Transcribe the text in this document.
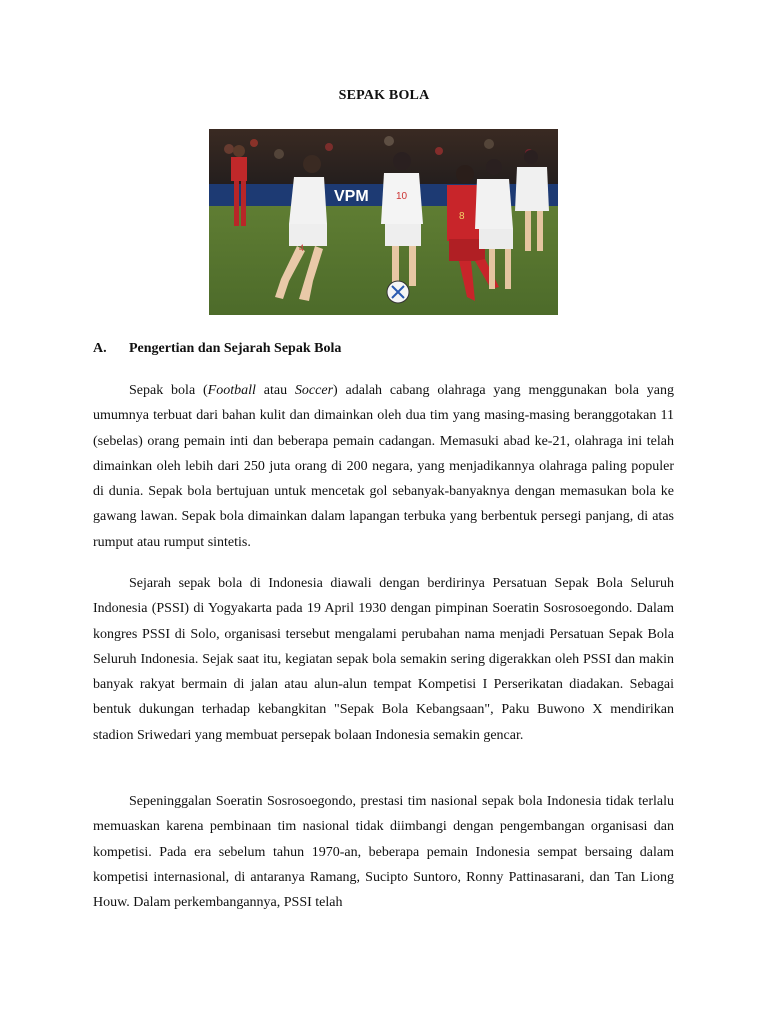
SEPAK BOLA
VPM
4
10
8
A. Pengertian dan Sejarah Sepak Bola

Sepak bola (Football atau Soccer) adalah cabang olahraga yang menggunakan bola yang umumnya terbuat dari bahan kulit dan dimainkan oleh dua tim yang masing-masing beranggotakan 11 (sebelas) orang pemain inti dan beberapa pemain cadangan. Memasuki abad ke-21, olahraga ini telah dimainkan oleh lebih dari 250 juta orang di 200 negara, yang menjadikannya olahraga paling populer di dunia. Sepak bola bertujuan untuk mencetak gol sebanyak-banyaknya dengan memasukan bola ke gawang lawan. Sepak bola dimainkan dalam lapangan terbuka yang berbentuk persegi panjang, di atas rumput atau rumput sintetis.

Sejarah sepak bola di Indonesia diawali dengan berdirinya Persatuan Sepak Bola Seluruh Indonesia (PSSI) di Yogyakarta pada 19 April 1930 dengan pimpinan Soeratin Sosrosoegondo. Dalam kongres PSSI di Solo, organisasi tersebut mengalami perubahan nama menjadi Persatuan Sepak Bola Seluruh Indonesia. Sejak saat itu, kegiatan sepak bola semakin sering digerakkan oleh PSSI dan makin banyak rakyat bermain di jalan atau alun-alun tempat Kompetisi I Perserikatan diadakan. Sebagai bentuk dukungan terhadap kebangkitan "Sepak Bola Kebangsaan", Paku Buwono X mendirikan stadion Sriwedari yang membuat persepak bolaan Indonesia semakin gencar.

Sepeninggalan Soeratin Sosrosoegondo, prestasi tim nasional sepak bola Indonesia tidak terlalu memuaskan karena pembinaan tim nasional tidak diimbangi dengan pengembangan organisasi dan kompetisi. Pada era sebelum tahun 1970-an, beberapa pemain Indonesia sempat bersaing dalam kompetisi internasional, di antaranya Ramang, Sucipto Suntoro, Ronny Pattinasarani, dan Tan Liong Houw. Dalam perkembangannya, PSSI telah
